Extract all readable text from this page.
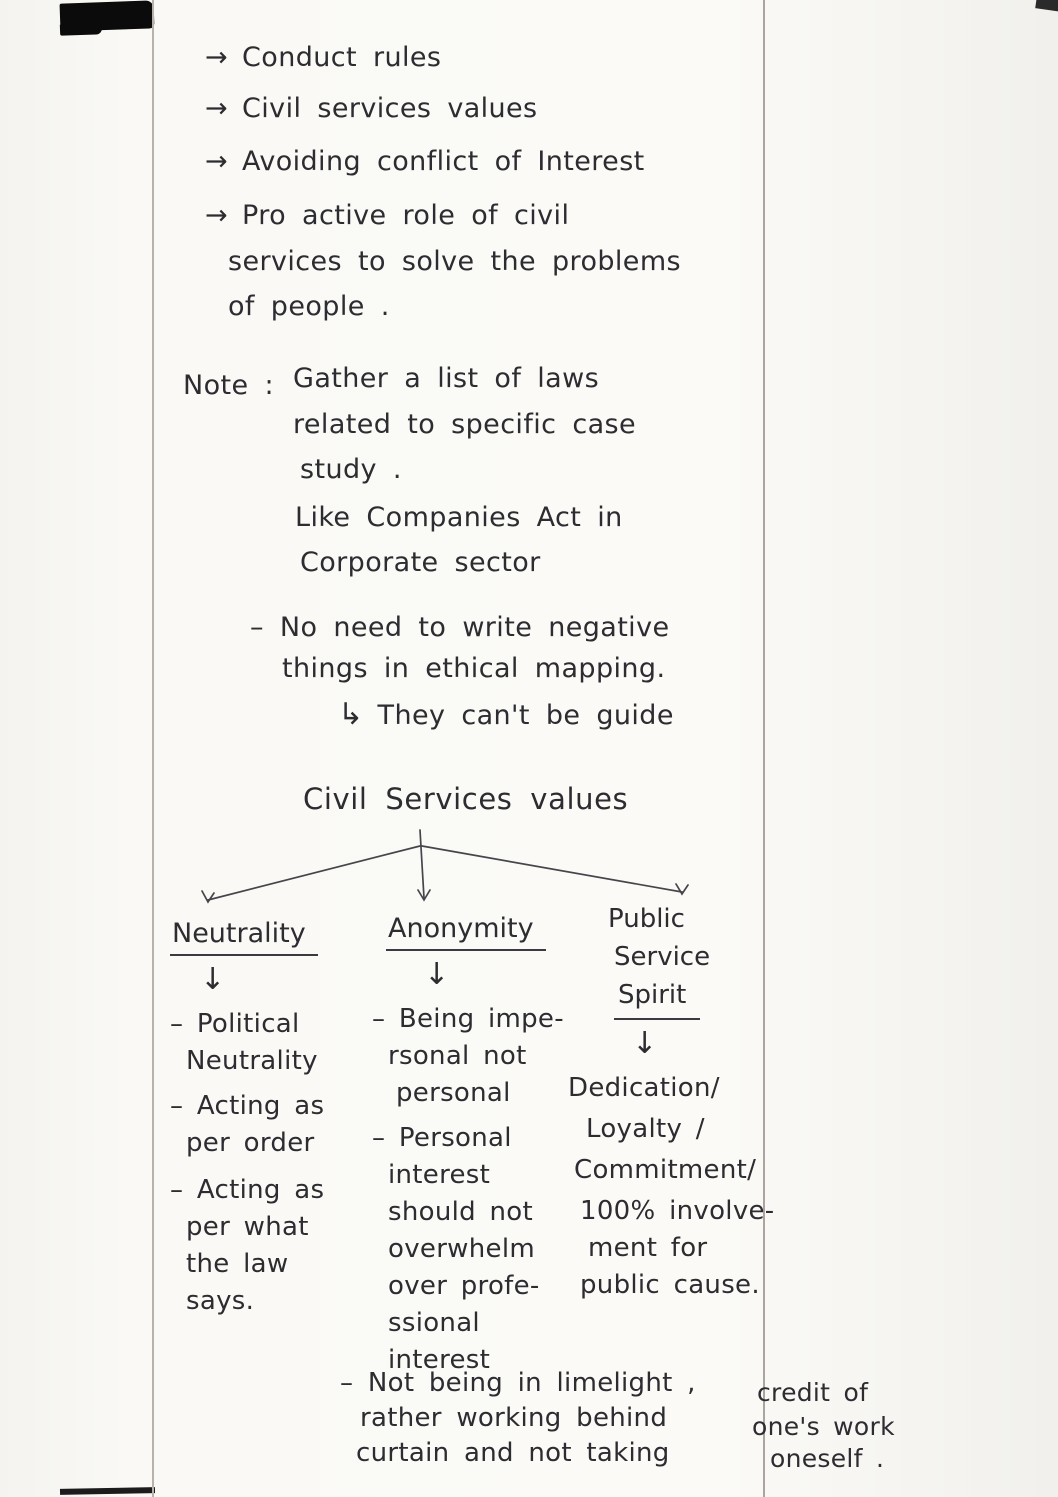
→ Conduct rules
→ Civil services values
→ Avoiding conflict of Interest
→ Pro active role of civil
services to solve the problems
of people .
Note : Gather a list of laws
related to specific case
study .
Like Companies Act in
Corporate sector
– No need to write negative
things in ethical mapping.
↳ They can't be guide
Civil Services values
Neutrality
↓
– Political
Neutrality
– Acting as
per order
– Acting as
per what
the law
says.
Anonymity
↓
– Being impe-
rsonal not
personal
– Personal
interest
should not
overwhelm
over profe-
ssional
interest
– Not being in limelight ,
rather working behind
curtain and not taking
Public
Service
Spirit
↓
Dedication/
Loyalty /
Commitment/
100% involve-
ment for
public cause.
credit of
one's work
oneself .
